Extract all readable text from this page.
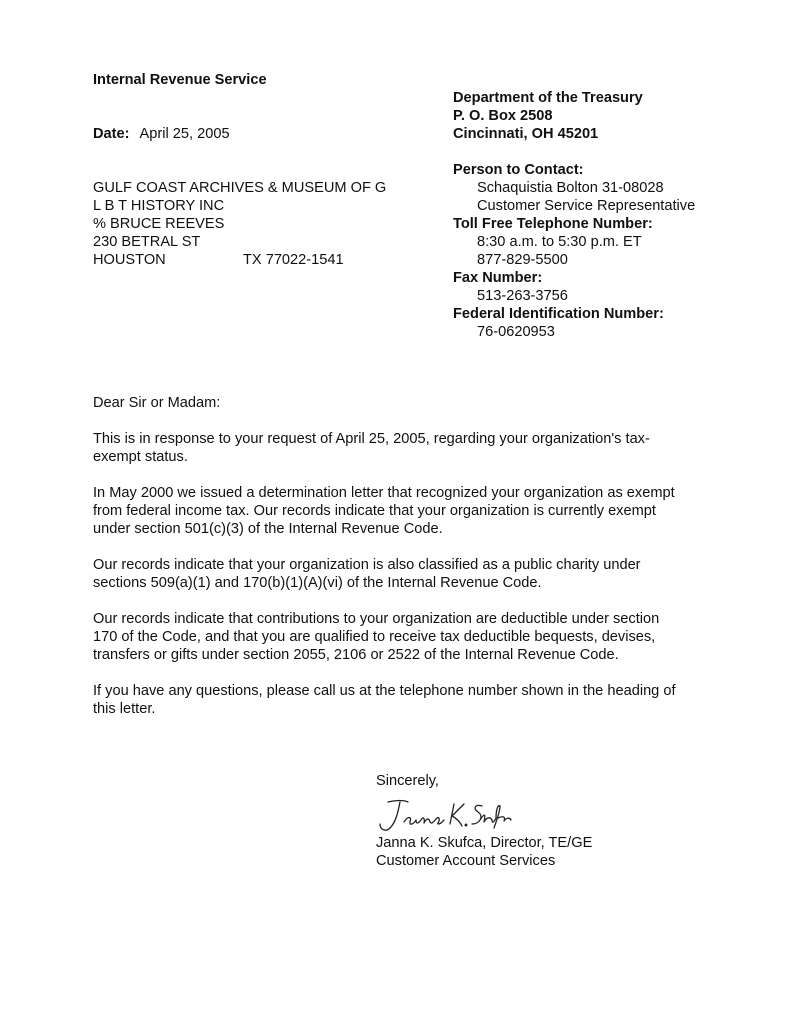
Internal Revenue Service
Department of the Treasury
P. O. Box 2508
Cincinnati, OH 45201
Date: April 25, 2005
GULF COAST ARCHIVES & MUSEUM OF G
L B T HISTORY INC
% BRUCE REEVES
230 BETRAL ST
HOUSTON	TX 77022-1541
Person to Contact:
Schaquistia Bolton 31-08028
Customer Service Representative
Toll Free Telephone Number:
8:30 a.m. to 5:30 p.m. ET
877-829-5500
Fax Number:
513-263-3756
Federal Identification Number:
76-0620953

Dear Sir or Madam:

This is in response to your request of April 25, 2005, regarding your organization's tax-
exempt status.

In May 2000 we issued a determination letter that recognized your organization as exempt
from federal income tax. Our records indicate that your organization is currently exempt
under section 501(c)(3) of the Internal Revenue Code.

Our records indicate that your organization is also classified as a public charity under
sections 509(a)(1) and 170(b)(1)(A)(vi) of the Internal Revenue Code.

Our records indicate that contributions to your organization are deductible under section
170 of the Code, and that you are qualified to receive tax deductible bequests, devises,
transfers or gifts under section 2055, 2106 or 2522 of the Internal Revenue Code.

If you have any questions, please call us at the telephone number shown in the heading of
this letter.

Sincerely,
Janna K. Skufca, Director, TE/GE
Customer Account Services
